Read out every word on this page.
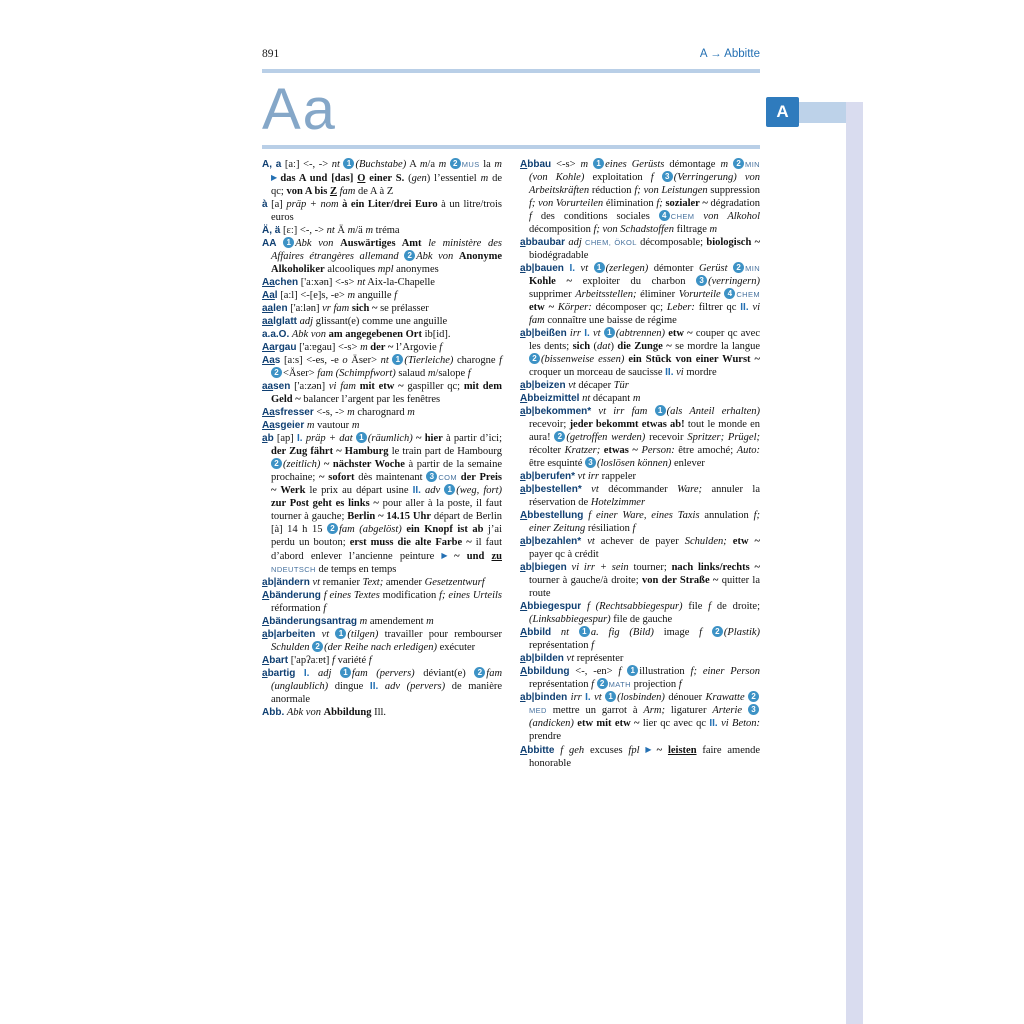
891	A → Abbitte
Aa

A, a [aː] <-, -> nt 1 (Buchstabe) A m/a m 2 MUS la m ▶ das A und [das] O einer S. (gen) l’essentiel m de qc; von A bis Z fam de A à Z

à [a] präp + nom à ein Liter/drei Euro à un litre/trois euros

Ä, ä [ɛː] <-, -> nt Ä m/ä m tréma

AA 1 Abk von Auswärtiges Amt le ministère des Affaires étrangères allemand 2 Abk von Anonyme Alkoholiker alcooliques mpl anonymes

Aachen ['aːxən] <-s> nt Aix-la-Chapelle

Aal [aːl] <-[e]s, -e> m anguille f

aalen ['aːlən] vr fam sich ~ se prélasser

aalglatt adj glissant(e) comme une anguille

a.a.O. Abk von am angegebenen Ort ib[id].

Aargau ['aːɐgau] <-s> m der ~ l’Argovie f

Aas [aːs] <-es, -e o Äser> nt 1 (Tierleiche) charogne f 2 <Äser> fam (Schimpfwort) salaud m/salope f

aasen ['aːzən] vi fam mit etw ~ gaspiller qc; mit dem Geld ~ balancer l’argent par les fenêtres

Aasfresser <-s, -> m charognard m

Aasgeier m vautour m

ab [ap] I. präp + dat 1 (räumlich) ~ hier à partir d’ici; der Zug fährt ~ Hamburg le train part de Hambourg 2 (zeitlich) ~ nächster Woche à partir de la semaine prochaine; ~ sofort dès maintenant 3 COM der Preis ~ Werk le prix au départ usine II. adv 1 (weg, fort) zur Post geht es links ~ pour aller à la poste, il faut tourner à gauche; Berlin ~ 14.15 Uhr départ de Berlin [à] 14 h 15 2 fam (abgelöst) ein Knopf ist ab j’ai perdu un bouton; erst muss die alte Farbe ~ il faut d’abord enlever l’ancienne peinture ▶ ~ und zu NDEUTSCH de temps en temps

ab|ändern vt remanier Text; amender Gesetzentwurf

Abänderung f eines Textes modification f; eines Urteils réformation f

Abänderungsantrag m amendement m

ab|arbeiten vt 1 (tilgen) travailler pour rembourser Schulden 2 (der Reihe nach erledigen) exécuter

Abart ['apʔaːɐt] f variété f

abartig I. adj 1 fam (pervers) déviant(e) 2 fam (unglaublich) dingue II. adv (pervers) de manière anormale

Abb. Abk von Abbildung Ill.

Abbau <-s> m 1 eines Gerüsts démontage m 2 MIN (von Kohle) exploitation f 3 (Verringerung) von Arbeitskräften réduction f; von Leistungen suppression f; von Vorurteilen élimination f; sozialer ~ dégradation f des conditions sociales 4 CHEM von Alkohol décomposition f; von Schadstoffen filtrage m

abbaubar adj CHEM, ÖKOL décomposable; biologisch ~ biodégradable

ab|bauen I. vt 1 (zerlegen) démonter Gerüst 2 MIN Kohle ~ exploiter du charbon 3 (verringern) supprimer Arbeitsstellen; éliminer Vorurteile 4 CHEM etw ~ Körper: décomposer qc; Leber: filtrer qc II. vi fam connaître une baisse de régime

ab|beißen irr I. vt 1 (abtrennen) etw ~ couper qc avec les dents; sich (dat) die Zunge ~ se mordre la langue 2 (bissenweise essen) ein Stück von einer Wurst ~ croquer un morceau de saucisse II. vi mordre

ab|beizen vt décaper Tür

Abbeizmittel nt décapant m

ab|bekommen* vt irr fam 1 (als Anteil erhalten) recevoir; jeder bekommt etwas ab! tout le monde en aura! 2 (getroffen werden) recevoir Spritzer; Prügel; récolter Kratzer; etwas ~ Person: être amoché; Auto: être esquinté 3 (loslösen können) enlever

ab|berufen* vt irr rappeler

ab|bestellen* vt décommander Ware; annuler la réservation de Hotelzimmer

Abbestellung f einer Ware, eines Taxis annulation f; einer Zeitung résiliation f

ab|bezahlen* vt achever de payer Schulden; etw ~ payer qc à crédit

ab|biegen vi irr + sein tourner; nach links/rechts ~ tourner à gauche/à droite; von der Straße ~ quitter la route

Abbiegespur f (Rechtsabbiegespur) file f de droite; (Linksabbiegespur) file de gauche

Abbild nt 1 a. fig (Bild) image f 2 (Plastik) représentation f

ab|bilden vt représenter

Abbildung <-, -en> f 1 illustration f; einer Person représentation f 2 MATH projection f

ab|binden irr I. vt 1 (losbinden) dénouer Krawatte 2MED mettre un garrot à Arm; ligaturer Arterie 3(andicken) etw mit etw ~ lier qc avec qc II. vi Beton: prendre

Abbitte f geh excuses fpl ▶ ~ leisten faire amende honorable

A
